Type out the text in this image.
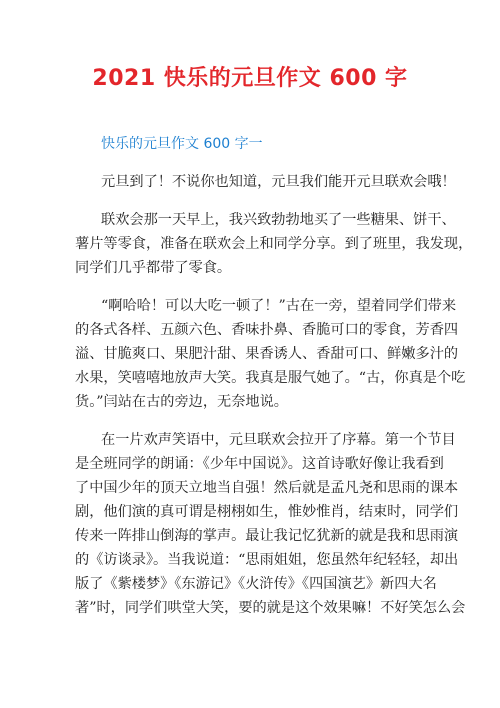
2021 快乐的元旦作文 600 字
快乐的元旦作文 600 字一

元旦到了！不说你也知道，元旦我们能开元旦联欢会哦！

联欢会那一天早上，我兴致勃勃地买了一些糖果、饼干、
薯片等零食，准备在联欢会上和同学分享。到了班里，我发现，
同学们几乎都带了零食。

“啊哈哈！可以大吃一顿了！”古在一旁，望着同学们带来
的各式各样、五颜六色、香味扑鼻、香脆可口的零食，芳香四
溢、甘脆爽口、果肥汁甜、果香诱人、香甜可口、鲜嫩多汁的
水果，笑嘻嘻地放声大笑。我真是服气她了。“古，你真是个吃
货。”闫站在古的旁边，无奈地说。

在一片欢声笑语中，元旦联欢会拉开了序幕。第一个节目
是全班同学的朗诵：《少年中国说》。这首诗歌好像让我看到
了中国少年的顶天立地当自强！然后就是孟凡尧和思雨的课本
剧，他们演的真可谓是栩栩如生，惟妙惟肖，结束时，同学们
传来一阵排山倒海的掌声。最让我记忆犹新的就是我和思雨演
的《访谈录》。当我说道：“思雨姐姐，您虽然年纪轻轻，却出
版了《紫楼梦》《东游记》《火浒传》《四国演艺》新四大名
著”时，同学们哄堂大笑，要的就是这个效果嘛！不好笑怎么会
